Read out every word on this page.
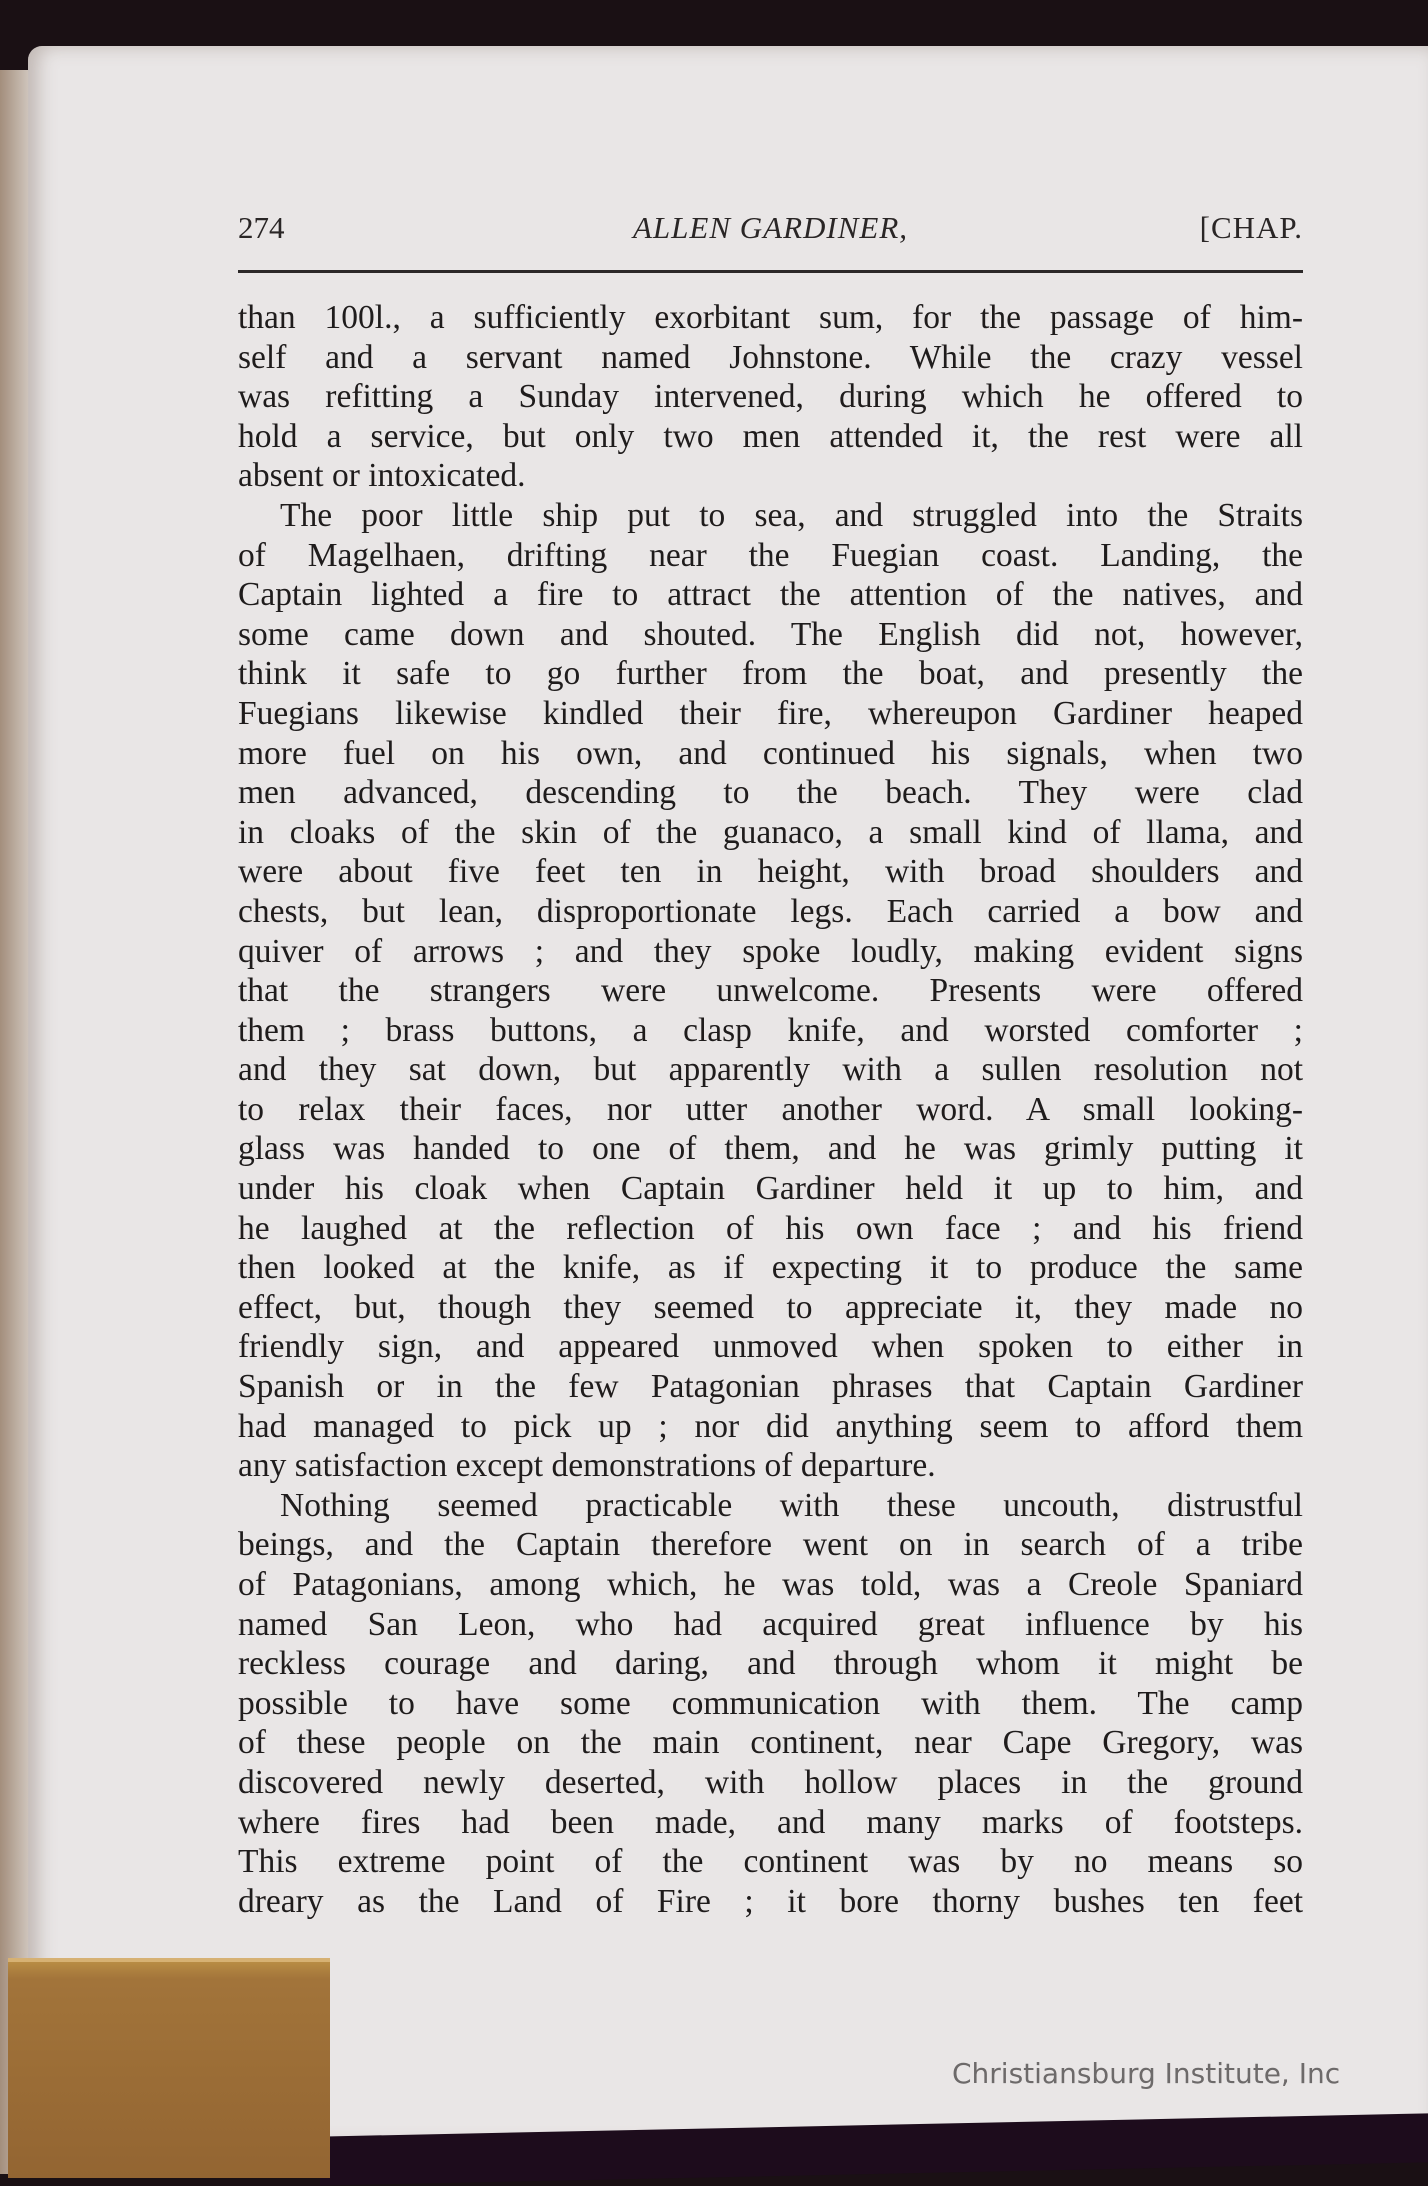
274	ALLEN GARDINER,	[CHAP.
than 100l., a sufficiently exorbitant sum, for the passage of him-
self and a servant named Johnstone. While the crazy vessel
was refitting a Sunday intervened, during which he offered to
hold a service, but only two men attended it, the rest were all
absent or intoxicated.
The poor little ship put to sea, and struggled into the Straits
of Magelhaen, drifting near the Fuegian coast. Landing, the
Captain lighted a fire to attract the attention of the natives, and
some came down and shouted. The English did not, however,
think it safe to go further from the boat, and presently the
Fuegians likewise kindled their fire, whereupon Gardiner heaped
more fuel on his own, and continued his signals, when two
men advanced, descending to the beach. They were clad
in cloaks of the skin of the guanaco, a small kind of llama, and
were about five feet ten in height, with broad shoulders and
chests, but lean, disproportionate legs. Each carried a bow and
quiver of arrows ; and they spoke loudly, making evident signs
that the strangers were unwelcome. Presents were offered
them ; brass buttons, a clasp knife, and worsted comforter ;
and they sat down, but apparently with a sullen resolution not
to relax their faces, nor utter another word. A small looking-
glass was handed to one of them, and he was grimly putting it
under his cloak when Captain Gardiner held it up to him, and
he laughed at the reflection of his own face ; and his friend
then looked at the knife, as if expecting it to produce the same
effect, but, though they seemed to appreciate it, they made no
friendly sign, and appeared unmoved when spoken to either in
Spanish or in the few Patagonian phrases that Captain Gardiner
had managed to pick up ; nor did anything seem to afford them
any satisfaction except demonstrations of departure.
Nothing seemed practicable with these uncouth, distrustful
beings, and the Captain therefore went on in search of a tribe
of Patagonians, among which, he was told, was a Creole Spaniard
named San Leon, who had acquired great influence by his
reckless courage and daring, and through whom it might be
possible to have some communication with them. The camp
of these people on the main continent, near Cape Gregory, was
discovered newly deserted, with hollow places in the ground
where fires had been made, and many marks of footsteps.
This extreme point of the continent was by no means so
dreary as the Land of Fire ; it bore thorny bushes ten feet
Christiansburg Institute, Inc
